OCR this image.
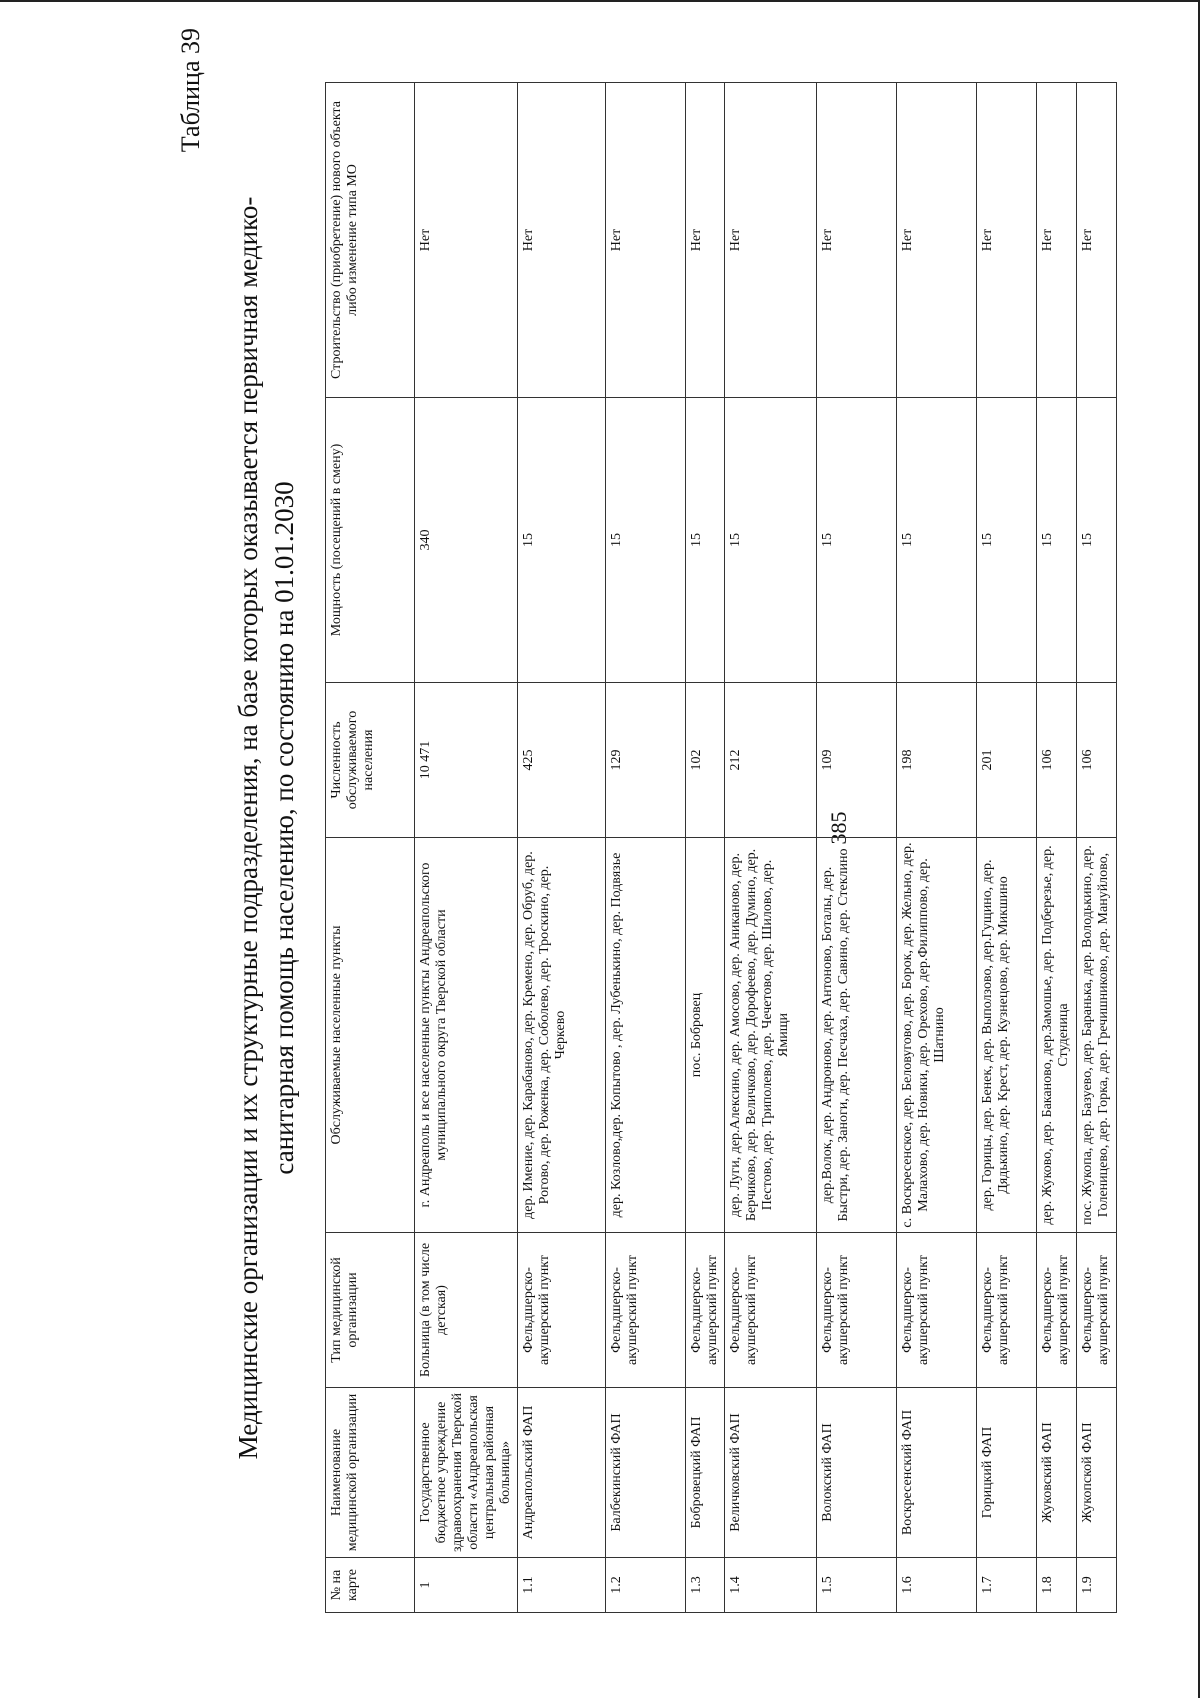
385
Таблица 39
Медицинские организации и их структурные подразделения, на базе которых оказывается первичная медико-санитарная помощь населению, по состоянию на 01.01.2030
№ на карте	Наименование медицинской организации	Тип медицинской организации	Обслуживаемые населенные пункты	Численность обслуживаемого населения	Мощность (посещений в смену)	Строительство (приобретение) нового объекта либо изменение типа МО
1	Государственное бюджетное учреждение здравоохранения Тверской области «Андреапольская центральная районная больница»	Больница (в том числе детская)	г. Андреаполь и все населенные пункты Андреапольского муниципального округа Тверской области	10 471	340	Нет
1.1	Андреапольский ФАП	Фельдшерско-акушерский пункт	дер. Имение, дер. Карабаново, дер. Кремено, дер. Обруб, дер. Рогово, дер. Роженка, дер. Соболево, дер. Троскино, дер. Черкево	425	15	Нет
1.2	Балбекинский ФАП	Фельдшерско-акушерский пункт	дер. Козлово,дер. Копытово , дер. Лубенькино, дер. Подвязье	129	15	Нет
1.3	Бобровецкий ФАП	Фельдшерско-акушерский пункт	пос. Бобровец	102	15	Нет
1.4	Величковский ФАП	Фельдшерско-акушерский пункт	дер. Луги, дер.Алексино, дер. Амосово, дер. Аниканово, дер. Берчиково, дер. Величково, дер. Дорофеево, дер. Думино, дер. Пестово, дер. Триполево, дер. Чечетово, дер. Шилово, дер. Ямищи	212	15	Нет
1.5	Волокский ФАП	Фельдшерско-акушерский пункт	дер.Волок, дер. Андроново, дер. Антоново, Боталы, дер. Быстри, дер. Заноги, дер. Песчаха, дер. Савино, дер. Стеклино	109	15	Нет
1.6	Воскресенский ФАП	Фельдшерско-акушерский пункт	с. Воскресенское, дер. Беловугово, дер. Борок, дер. Жельно, дер. Малахово, дер. Новики, дер. Орехово, дер.Филиппово, дер. Шатнино	198	15	Нет
1.7	Горицкий ФАП	Фельдшерско-акушерский пункт	дер. Горицы, дер. Бенек, дер. Выползово, дер.Гущино, дер. Дядькино, дер. Крест, дер. Кузнецово, дер. Микшино	201	15	Нет
1.8	Жуковский ФАП	Фельдшерско-акушерский пункт	дер. Жуково, дер. Баканово, дер.Замошье, дер. Подберезье, дер. Студеница	106	15	Нет
1.9	Жукопской ФАП	Фельдшерско-акушерский пункт	пос. Жукопа, дер. Базуево, дер. Баранька, дер. Володькино, дер. Голеницево, дер. Горка, дер. Гречишниково, дер. Мануйлово,	106	15	Нет
